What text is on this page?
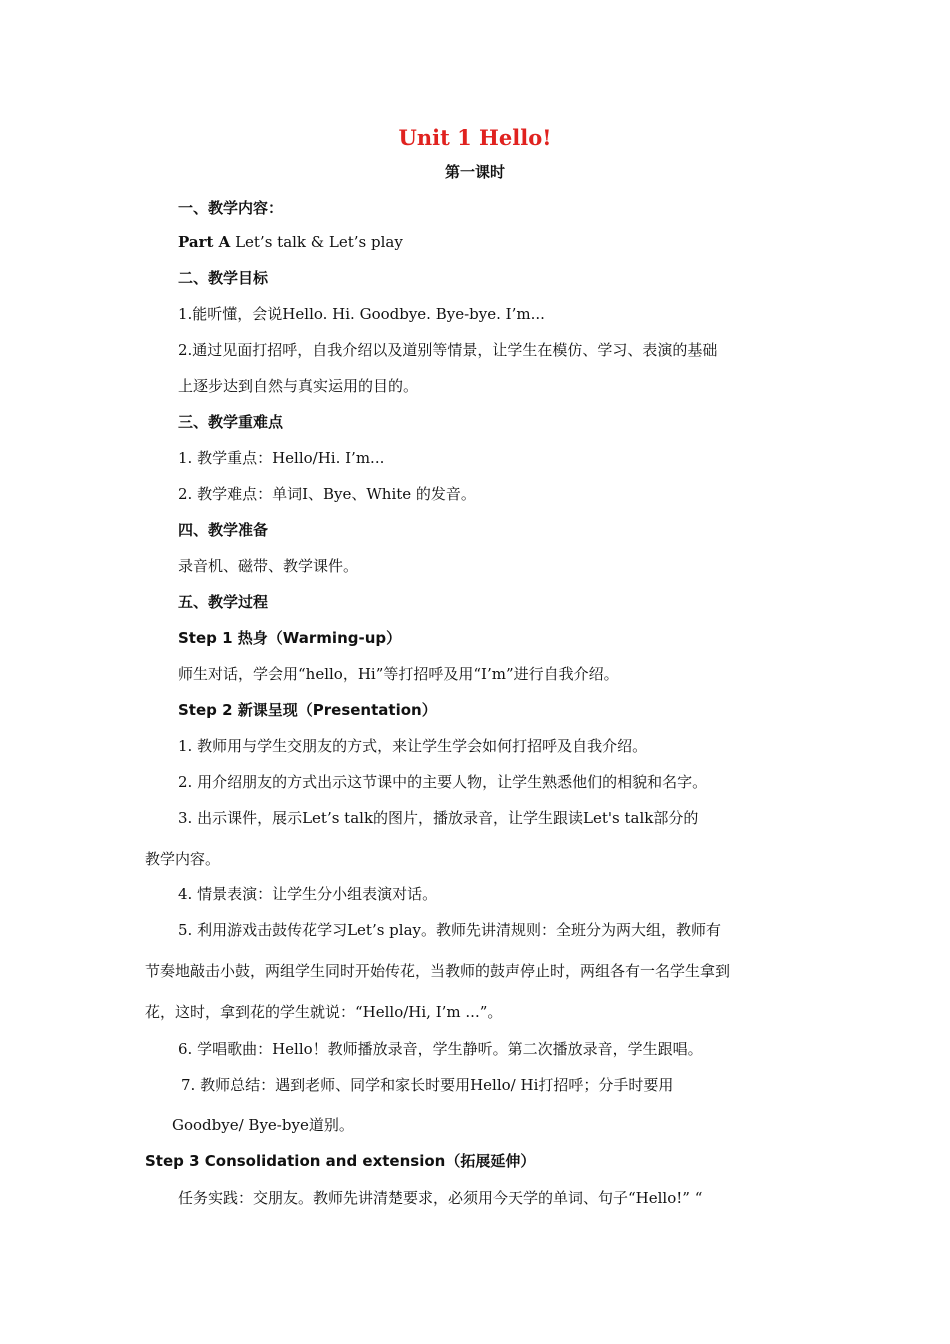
Unit 1 Hello!
第一课时
一、教学内容：
Part A Let’s talk & Let’s play
二、教学目标
1.能听懂，会说Hello. Hi. Goodbye. Bye-bye. I’m...
2.通过见面打招呼，自我介绍以及道别等情景，让学生在模仿、学习、表演的基础
上逐步达到自然与真实运用的目的。
三、教学重难点
1. 教学重点：Hello/Hi. I’m...
2. 教学难点：单词I、Bye、White 的发音。
四、教学准备
录音机、磁带、教学课件。
五、教学过程
Step 1 热身（Warming-up）
师生对话，学会用“hello，Hi”等打招呼及用“I’m”进行自我介绍。
Step 2 新课呈现（Presentation）
1. 教师用与学生交朋友的方式，来让学生学会如何打招呼及自我介绍。
2. 用介绍朋友的方式出示这节课中的主要人物，让学生熟悉他们的相貌和名字。
3. 出示课件，展示Let’s talk的图片，播放录音，让学生跟读Let's talk部分的
教学内容。
4. 情景表演：让学生分小组表演对话。
5. 利用游戏击鼓传花学习Let’s play。教师先讲清规则：全班分为两大组，教师有
节奏地敲击小鼓，两组学生同时开始传花，当教师的鼓声停止时，两组各有一名学生拿到
花，这时，拿到花的学生就说：“Hello/Hi, I’m ...”。
6. 学唱歌曲：Hello！教师播放录音，学生静听。第二次播放录音，学生跟唱。
7. 教师总结：遇到老师、同学和家长时要用Hello/ Hi打招呼；分手时要用
Goodbye/ Bye-bye道别。
Step 3 Consolidation and extension（拓展延伸）
任务实践：交朋友。教师先讲清楚要求，必须用今天学的单词、句子“Hello!” “
